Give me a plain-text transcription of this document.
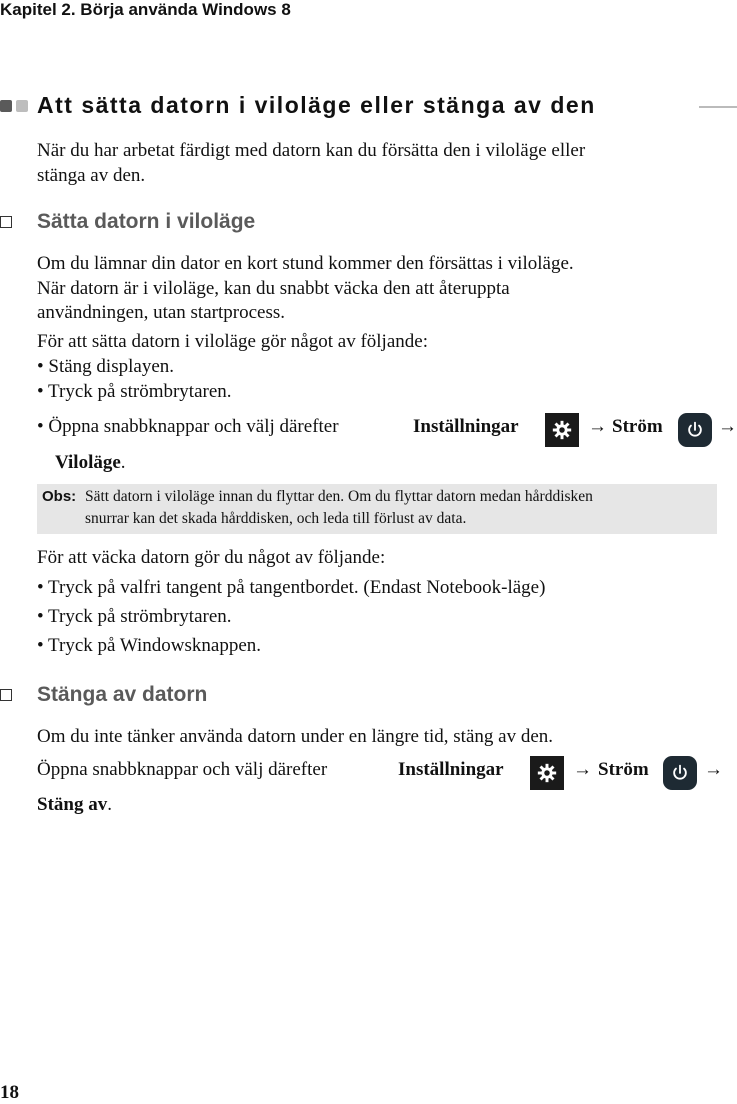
Kapitel 2. Börja använda Windows 8
Att sätta datorn i viloläge eller stänga av den
När du har arbetat färdigt med datorn kan du försätta den i viloläge eller
stänga av den.
Sätta datorn i viloläge
Om du lämnar din dator en kort stund kommer den försättas i viloläge.
När datorn är i viloläge, kan du snabbt väcka den att återuppta
användningen, utan startprocess.
För att sätta datorn i viloläge gör något av följande:
• Stäng displayen.
• Tryck på strömbrytaren.
• Öppna snabbknappar och välj därefter	Inställningar	→ Ström	→
Viloläge.
Obs: Sätt datorn i viloläge innan du flyttar den. Om du flyttar datorn medan hårddisken
snurrar kan det skada hårddisken, och leda till förlust av data.
För att väcka datorn gör du något av följande:
• Tryck på valfri tangent på tangentbordet. (Endast Notebook-läge)
• Tryck på strömbrytaren.
• Tryck på Windowsknappen.
Stänga av datorn
Om du inte tänker använda datorn under en längre tid, stäng av den.
Öppna snabbknappar och välj därefter	Inställningar	→ Ström	→
Stäng av.
18
